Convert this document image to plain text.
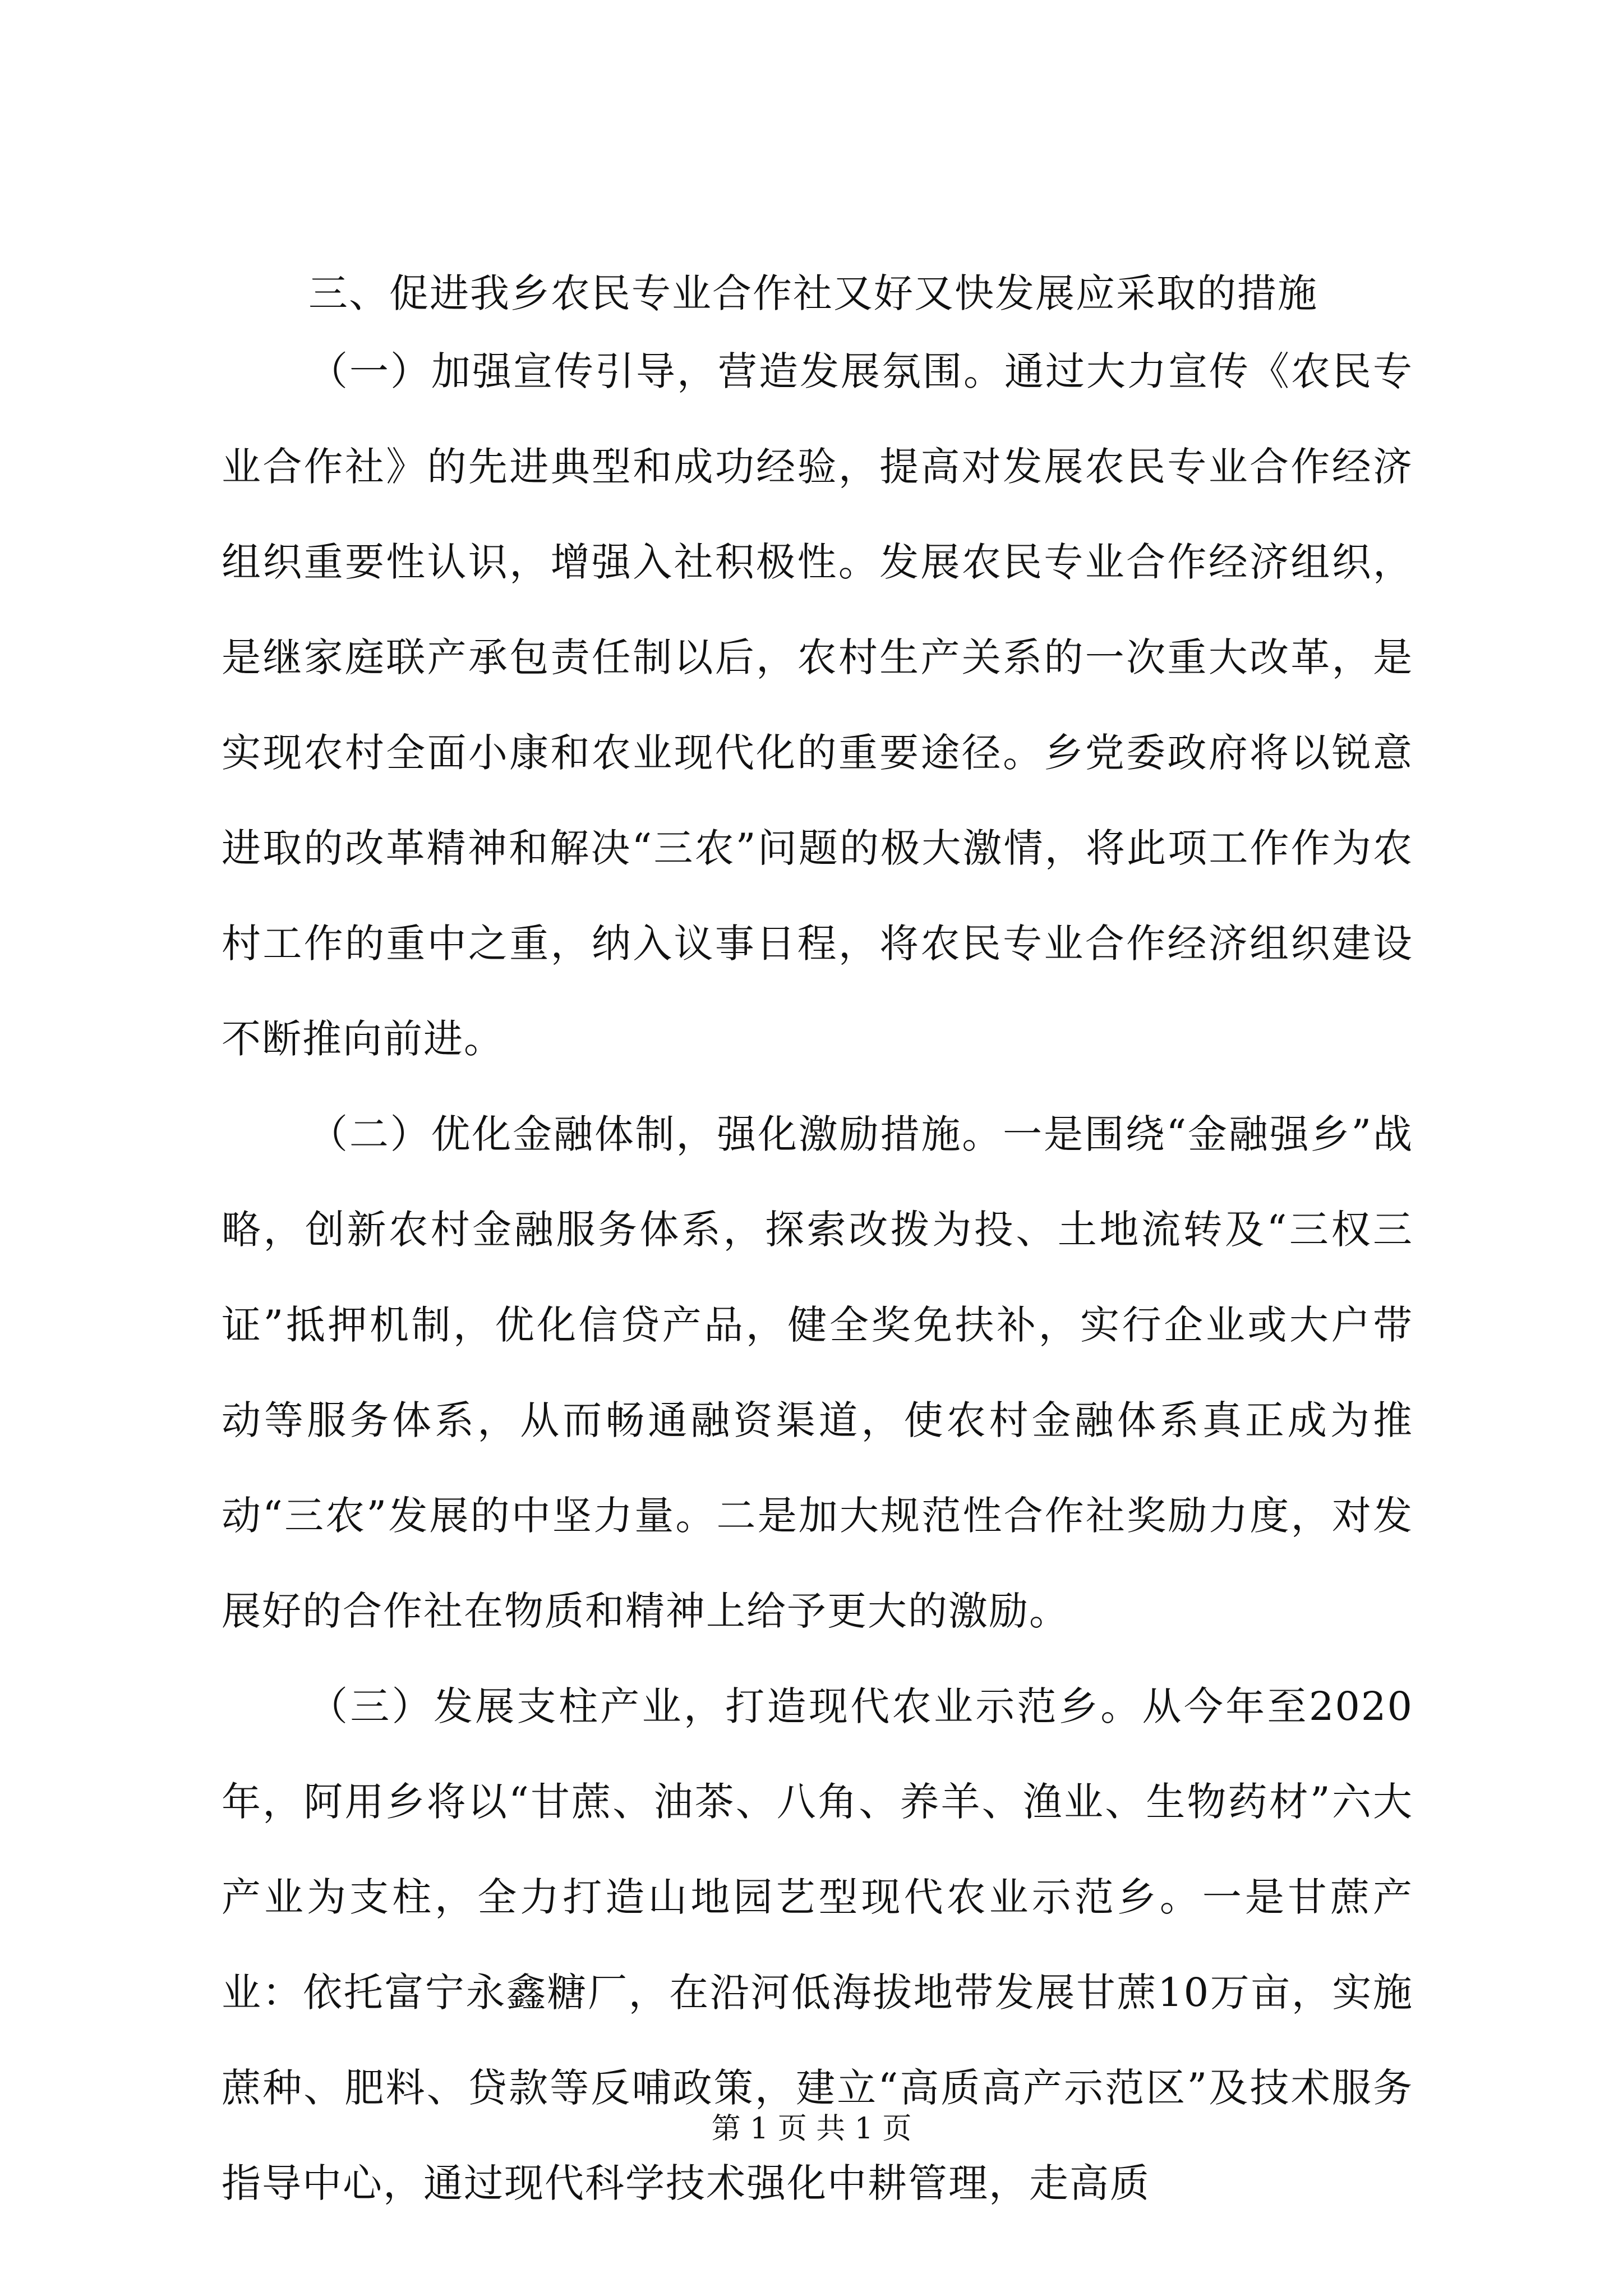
三、促进我乡农民专业合作社又好又快发展应采取的措施

（一）加强宣传引导，营造发展氛围。通过大力宣传《农民专业合作社》的先进典型和成功经验，提高对发展农民专业合作经济组织重要性认识，增强入社积极性。发展农民专业合作经济组织，是继家庭联产承包责任制以后，农村生产关系的一次重大改革，是实现农村全面小康和农业现代化的重要途径。乡党委政府将以锐意进取的改革精神和解决“三农”问题的极大激情，将此项工作作为农村工作的重中之重，纳入议事日程，将农民专业合作经济组织建设不断推向前进。

（二）优化金融体制，强化激励措施。一是围绕“金融强乡”战略，创新农村金融服务体系，探索改拨为投、土地流转及“三权三证”抵押机制，优化信贷产品，健全奖免扶补，实行企业或大户带动等服务体系，从而畅通融资渠道，使农村金融体系真正成为推动“三农”发展的中坚力量。二是加大规范性合作社奖励力度，对发展好的合作社在物质和精神上给予更大的激励。

（三）发展支柱产业，打造现代农业示范乡。从今年至2020年，阿用乡将以“甘蔗、油茶、八角、养羊、渔业、生物药材”六大产业为支柱，全力打造山地园艺型现代农业示范乡。一是甘蔗产业：依托富宁永鑫糖厂，在沿河低海拔地带发展甘蔗10万亩，实施蔗种、肥料、贷款等反哺政策，建立“高质高产示范区”及技术服务指导中心，通过现代科学技术强化中耕管理，走高质

第 1 页 共 1 页
